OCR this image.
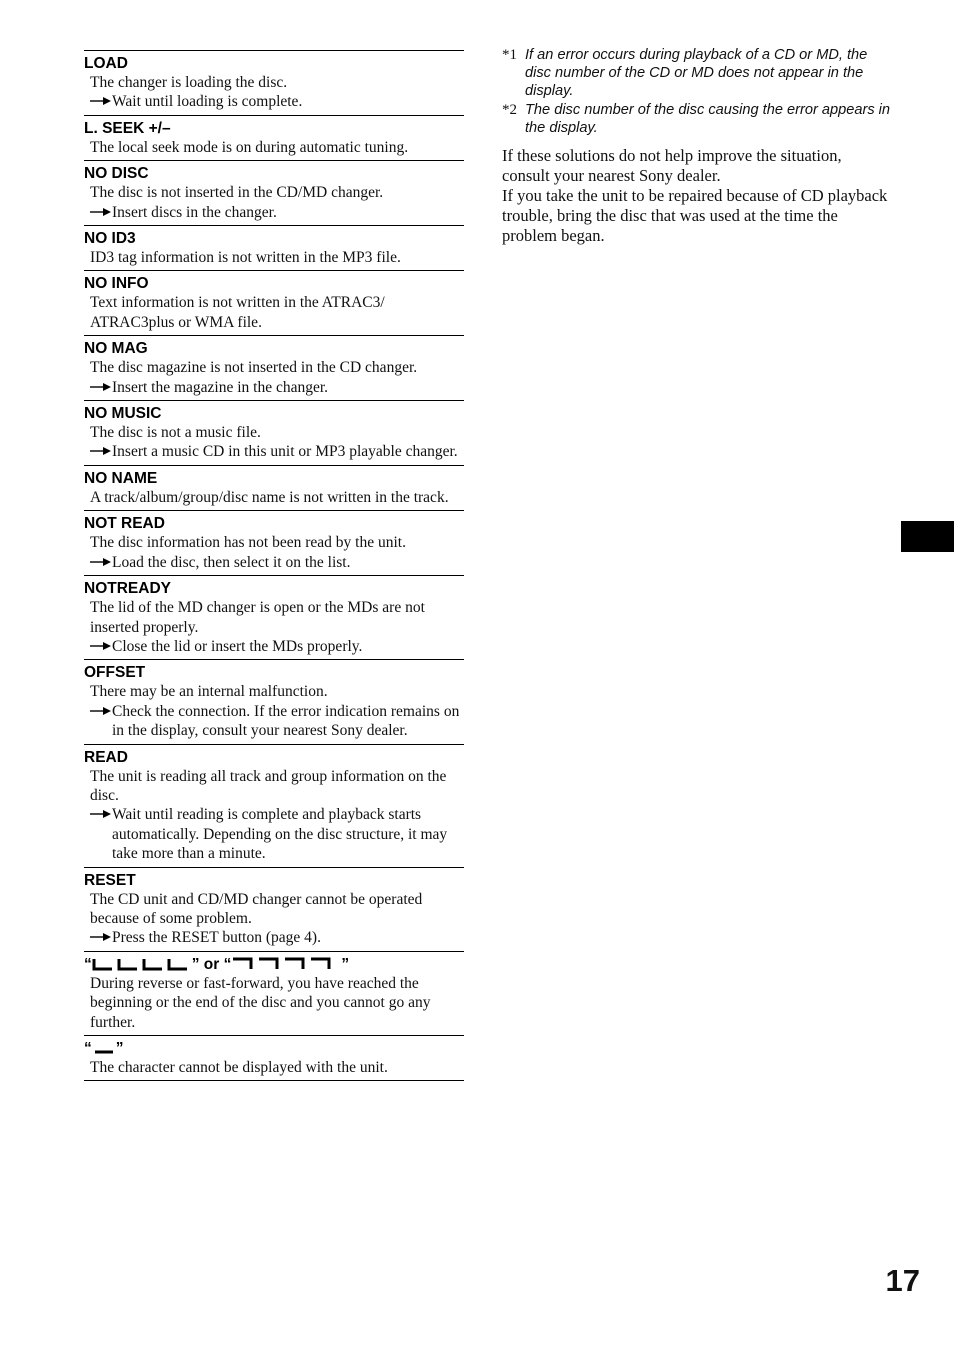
LOAD
The changer is loading the disc.
Wait until loading is complete.
L. SEEK +/–
The local seek mode is on during automatic tuning.
NO DISC
The disc is not inserted in the CD/MD changer.
Insert discs in the changer.
NO ID3
ID3 tag information is not written in the MP3 file.
NO INFO
Text information is not written in the ATRAC3/ ATRAC3plus or WMA file.
NO MAG
The disc magazine is not inserted in the CD changer.
Insert the magazine in the changer.
NO MUSIC
The disc is not a music file.
Insert a music CD in this unit or MP3 playable changer.
NO NAME
A track/album/group/disc name is not written in the track.
NOT READ
The disc information has not been read by the unit.
Load the disc, then select it on the list.
NOTREADY
The lid of the MD changer is open or the MDs are not inserted properly.
Close the lid or insert the MDs properly.
OFFSET
There may be an internal malfunction.
Check the connection. If the error indication remains on in the display, consult your nearest Sony dealer.
READ
The unit is reading all track and group information on the disc.
Wait until reading is complete and playback starts automatically. Depending on the disc structure, it may take more than a minute.
RESET
The CD unit and CD/MD changer cannot be operated because of some problem.
Press the RESET button (page 4).
“	” or “	”
During reverse or fast-forward, you have reached the beginning or the end of the disc and you cannot go any further.
“ ”
The character cannot be displayed with the unit.
*1 If an error occurs during playback of a CD or MD, the disc number of the CD or MD does not appear in the display.
*2 The disc number of the disc causing the error appears in the display.
If these solutions do not help improve the situation, consult your nearest Sony dealer.
If you take the unit to be repaired because of CD playback trouble, bring the disc that was used at the time the problem began.
17
